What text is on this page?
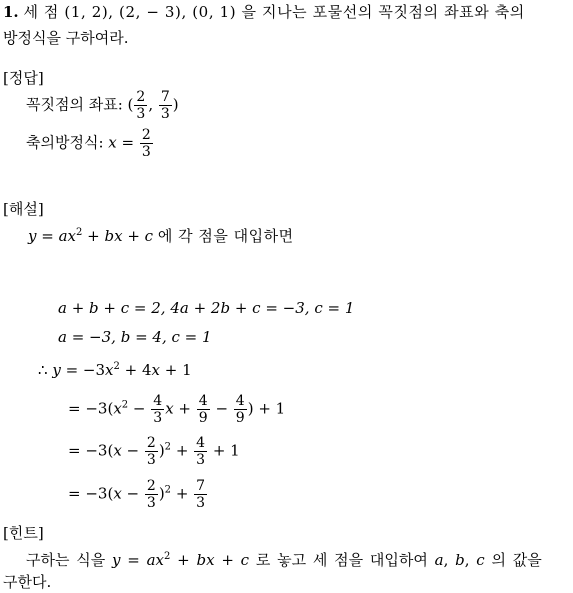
1. 세 점 (1, 2), (2, − 3), (0, 1) 을 지나는 포물선의 꼭짓점의 좌표와 축의
방정식을 구하여라.
[정답]
꼭짓점의 좌표: ( $\frac{2}{3}$ , $\frac{7}{3}$ )
축의방정식: $x = \frac{2}{3}$
[해설]
$y = ax^2$ + bx + c 에 각 점을 대입하면
a + b + c = 2, 4a + 2b + c = −3, c = 1
a = −3, b = 4, c = 1
∴ $y = -3x^2 + 4x + 1$
= $-3(x^2 - \frac{4}{3}$ $x + \frac{4}{9} - \frac{4}{9}$ ) + 1
= $-3(x - \frac{2}{3} )^2 + \frac{4}{3} + 1$
= $-3(x - \frac{2}{3} )^2 + \frac{7}{3}$
[힌트]
구하는 식을 $y = ax^2$ + bx + c 로 놓고 세 점을 대입하여 a, b, c 의 값을
구한다.
